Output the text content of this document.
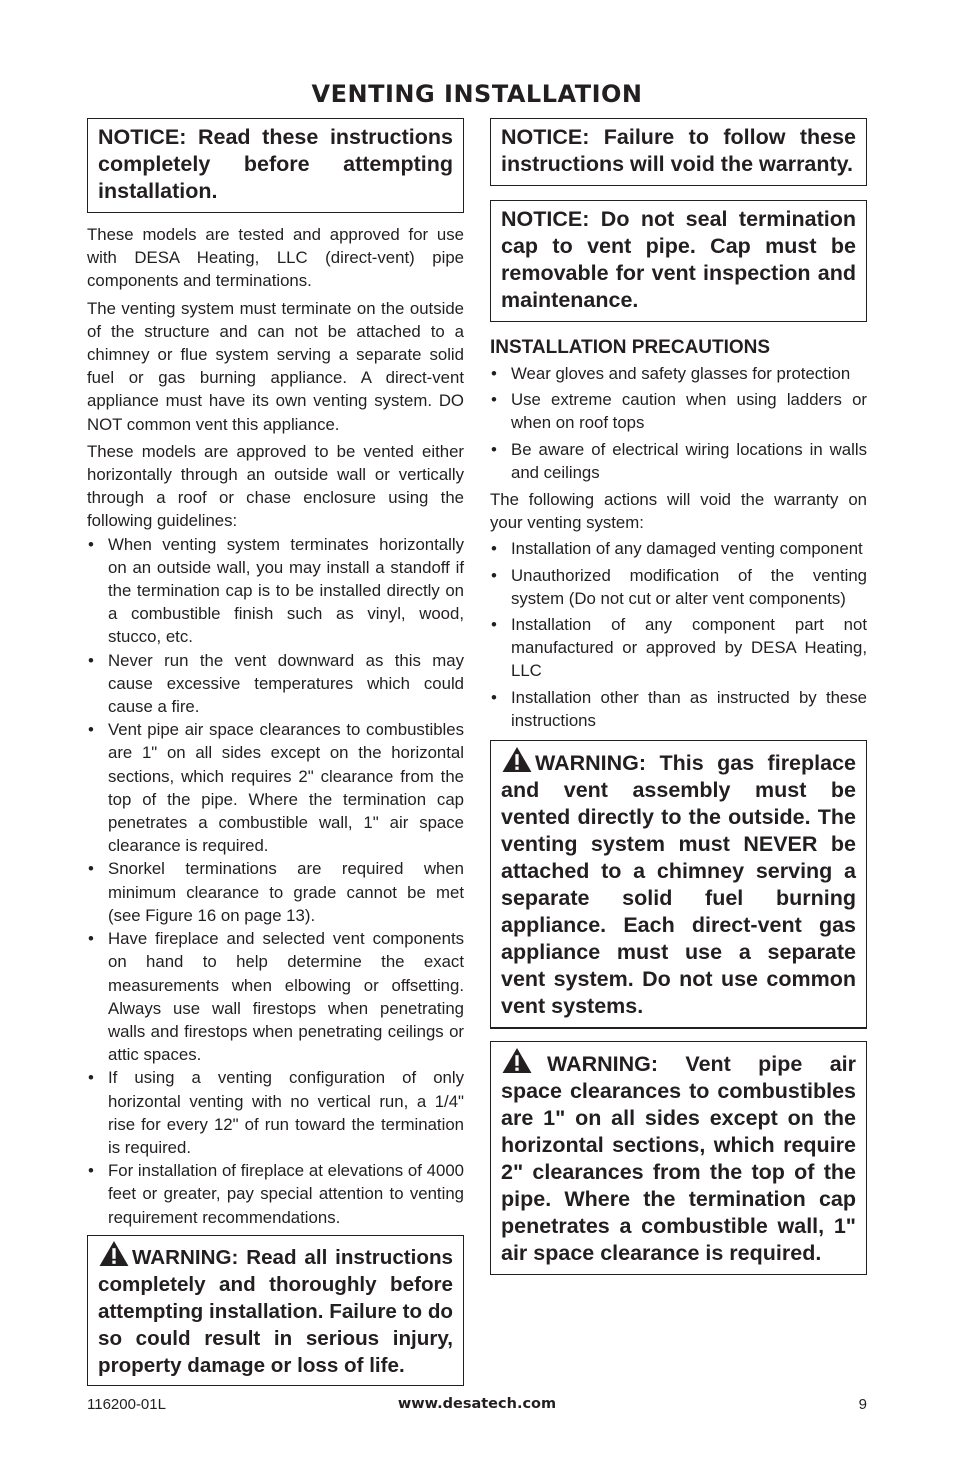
VENTING INSTALLATION
NOTICE: Read these instructions completely before attempting installation.

These models are tested and approved for use with DESA Heating, LLC (direct-vent) pipe components and terminations.

The venting system must terminate on the outside of the structure and can not be attached to a chimney or flue system serving a separate solid fuel or gas burning appliance. A direct-vent appliance must have its own venting system. DO NOT common vent this appliance.

These models are approved to be vented either horizontally through an outside wall or vertically through a roof or chase enclosure using the following guidelines:

• When venting system terminates horizontally on an outside wall, you may install a standoff if the termination cap is to be installed directly on a combustible finish such as vinyl, wood, stucco, etc.
• Never run the vent downward as this may cause excessive temperatures which could cause a fire.
• Vent pipe air space clearances to combustibles are 1" on all sides except on the horizontal sections, which requires 2" clearance from the top of the pipe. Where the termination cap penetrates a combustible wall, 1" air space clearance is required.
• Snorkel terminations are required when minimum clearance to grade cannot be met (see Figure 16 on page 13).
• Have fireplace and selected vent components on hand to help determine the exact measurements when elbowing or offsetting. Always use wall firestops when penetrating walls and firestops when penetrating ceilings or attic spaces.
• If using a venting configuration of only horizontal venting with no vertical run, a 1/4" rise for every 12" of run toward the termination is required.
• For installation of fireplace at elevations of 4000 feet or greater, pay special attention to venting requirement recommendations.
WARNING: Read all instructions completely and thoroughly before attempting installation. Failure to do so could result in serious injury, property damage or loss of life.
NOTICE: Failure to follow these instructions will void the warranty.
NOTICE: Do not seal termination cap to vent pipe. Cap must be removable for vent inspection and maintenance.
INSTALLATION PRECAUTIONS
• Wear gloves and safety glasses for protection
• Use extreme caution when using ladders or when on roof tops
• Be aware of electrical wiring locations in walls and ceilings

The following actions will void the warranty on your venting system:

• Installation of any damaged venting component
• Unauthorized modification of the venting system (Do not cut or alter vent components)
• Installation of any component part not manufactured or approved by DESA Heating, LLC
• Installation other than as instructed by these instructions
WARNING: This gas fireplace and vent assembly must be vented directly to the outside. The venting system must NEVER be attached to a chimney serving a separate solid fuel burning appliance. Each direct-vent gas appliance must use a separate vent system. Do not use common vent systems.
WARNING: Vent pipe air space clearances to combustibles are 1" on all sides except on the horizontal sections, which require 2" clearances from the top of the pipe. Where the termination cap penetrates a combustible wall, 1" air space clearance is required.
116200-01L	www.desatech.com	9
